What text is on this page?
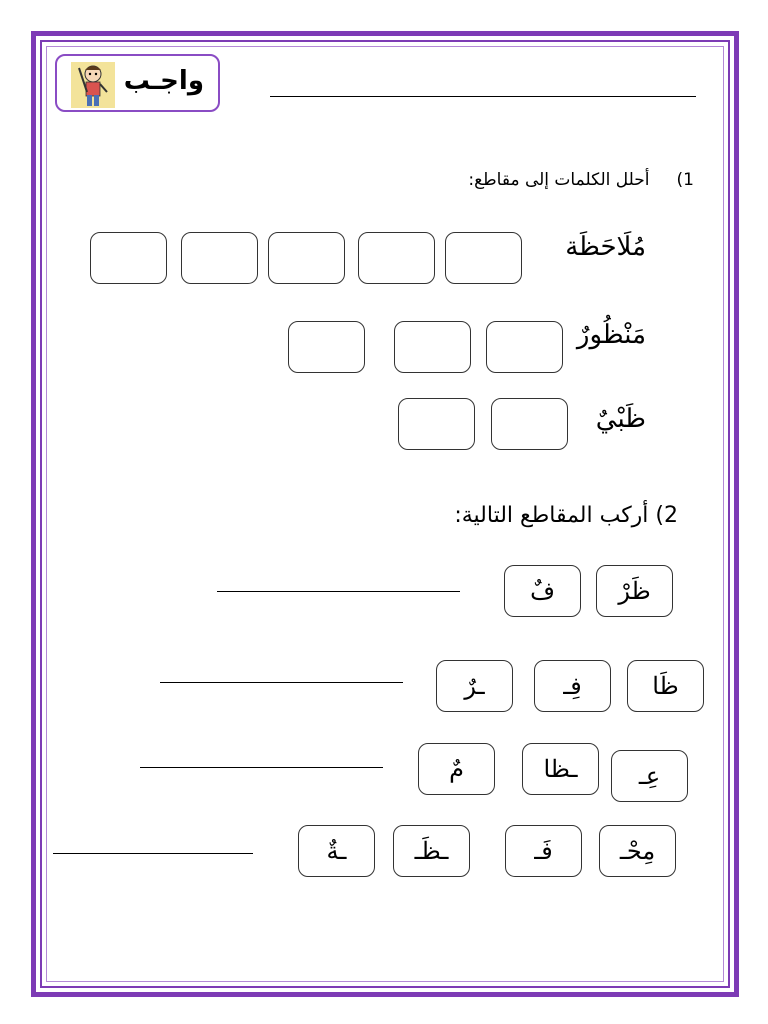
واجـب
1)     أحلل الكلمات إلى مقاطع:
مُلَاحَظَة
مَنْظُورٌ
ظَبْيٌ
2) أركب المقاطع التالية:
ظَرْ
فٌ
ظَا
فِـ
ـرٌ
عِـ
ـظا
مٌ
مِحْـ
فَـ
ـظَـ
ـةٌ
